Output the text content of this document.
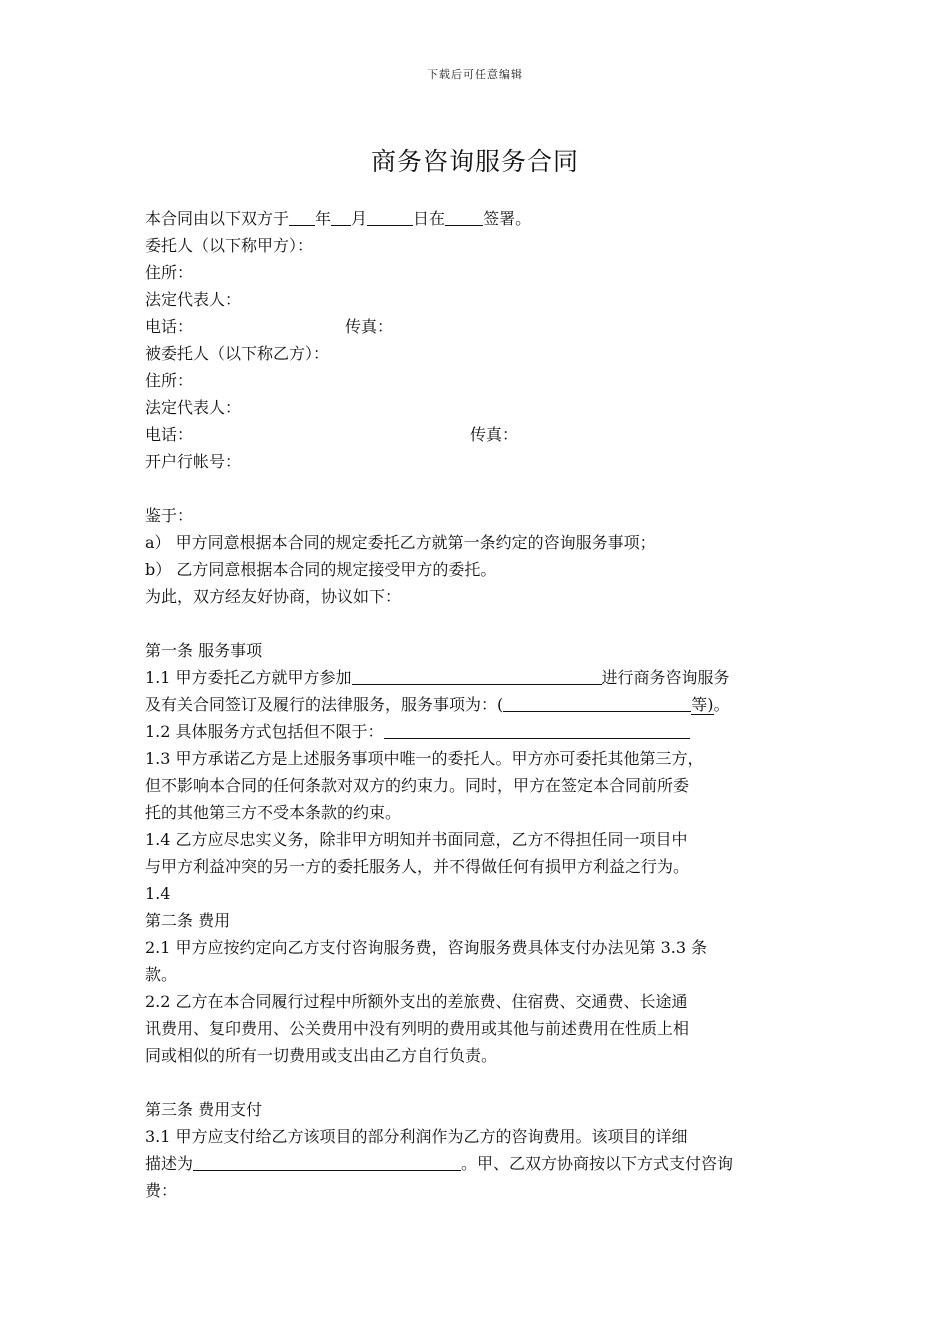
下载后可任意编辑
商务咨询服务合同
本合同由以下双方于 年 月	日在 签署。
委托人（以下称甲方）：
住所：
法定代表人：
电话：	传真：
被委托人（以下称乙方）：
住所：
法定代表人：
电话：	传真：
开户行帐号：
鉴于：
a） 甲方同意根据本合同的规定委托乙方就第一条约定的咨询服务事项；
b） 乙方同意根据本合同的规定接受甲方的委托。
为此，双方经友好协商，协议如下：
第一条 服务事项
1.1 甲方委托乙方就甲方参加	进行商务咨询服务
及有关合同签订及履行的法律服务，服务事项为：(	等)。
1.2 具体服务方式包括但不限于：
1.3 甲方承诺乙方是上述服务事项中唯一的委托人。甲方亦可委托其他第三方，
但不影响本合同的任何条款对双方的约束力。同时，甲方在签定本合同前所委
托的其他第三方不受本条款的约束。
1.4 乙方应尽忠实义务，除非甲方明知并书面同意，乙方不得担任同一项目中
与甲方利益冲突的另一方的委托服务人，并不得做任何有损甲方利益之行为。
1.4
第二条 费用
2.1 甲方应按约定向乙方支付咨询服务费，咨询服务费具体支付办法见第 3.3 条
款。
2.2 乙方在本合同履行过程中所额外支出的差旅费、住宿费、交通费、长途通
讯费用、复印费用、公关费用中没有列明的费用或其他与前述费用在性质上相
同或相似的所有一切费用或支出由乙方自行负责。
第三条 费用支付
3.1 甲方应支付给乙方该项目的部分利润作为乙方的咨询费用。该项目的详细
描述为	。甲、乙双方协商按以下方式支付咨询
费：
